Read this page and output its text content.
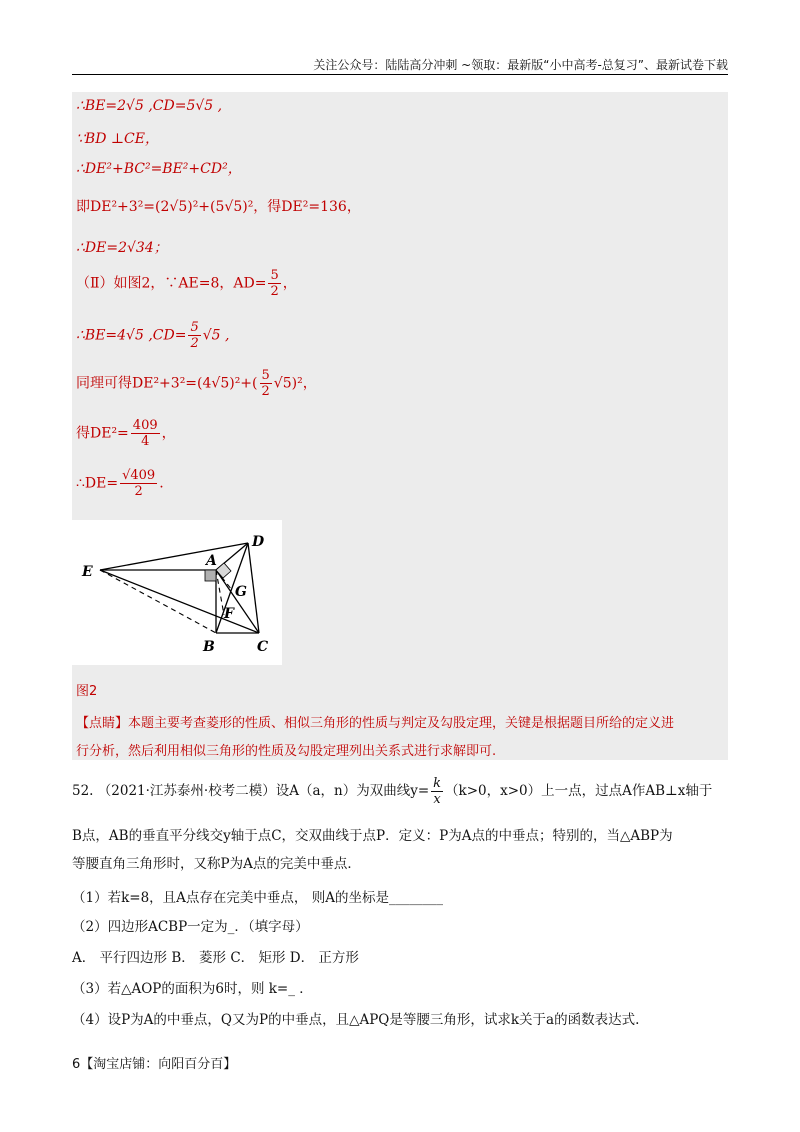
关注公众号：陆陆高分冲刺 ~领取：最新版“小中高考-总复习”、最新试卷下载
∴BE=2√5 ,CD=5√5 ,
∵BD ⊥CE，
∴DE²+BC²=BE²+CD²，
即DE²+3²=(2√5)²+(5√5)²，得DE²=136，
∴DE=2√34；
（Ⅱ）如图2，∵AE=8，$AD= \frac{5}{2}$ ，
∴BE=4√5 $,CD= \frac{5}{2} √5$ ,
同理可得$DE^2+3^2=(4√5)^2+( \frac{5}{2} √5)^2$，
得$DE^2= \frac{409}{4}$ ，
∴DE= $\frac{√409}{2}$ .
E
A
D
G
F
B	C
图2
【点睛】本题主要考查菱形的性质、相似三角形的性质与判定及勾股定理，关键是根据题目所给的定义进
行分析，然后利用相似三角形的性质及勾股定理列出关系式进行求解即可.
52. （2021·江苏泰州·校考二模）设A（a，n）为双曲线$y= \frac{k}{x} (k>0$，x>0）上一点，过点A作AB⊥x轴于
B点，AB的垂直平分线交y轴于点C，交双曲线于点P．定义：P为A点的中垂点；特别的，当△ABP为
等腰直角三角形时，又称P为A点的完美中垂点．
（1）若k=8，且A点存在完美中垂点， 则A的坐标是________
（2）四边形ACBP一定为_．（填字母）
A． 平行四边形 B． 菱形 C． 矩形 D． 正方形
（3）若△AOP的面积为6时，则 k=_ ．
（4）设P为A的中垂点，Q又为P的中垂点，且△APQ是等腰三角形，试求k关于a的函数表达式.
6【淘宝店铺：向阳百分百】
